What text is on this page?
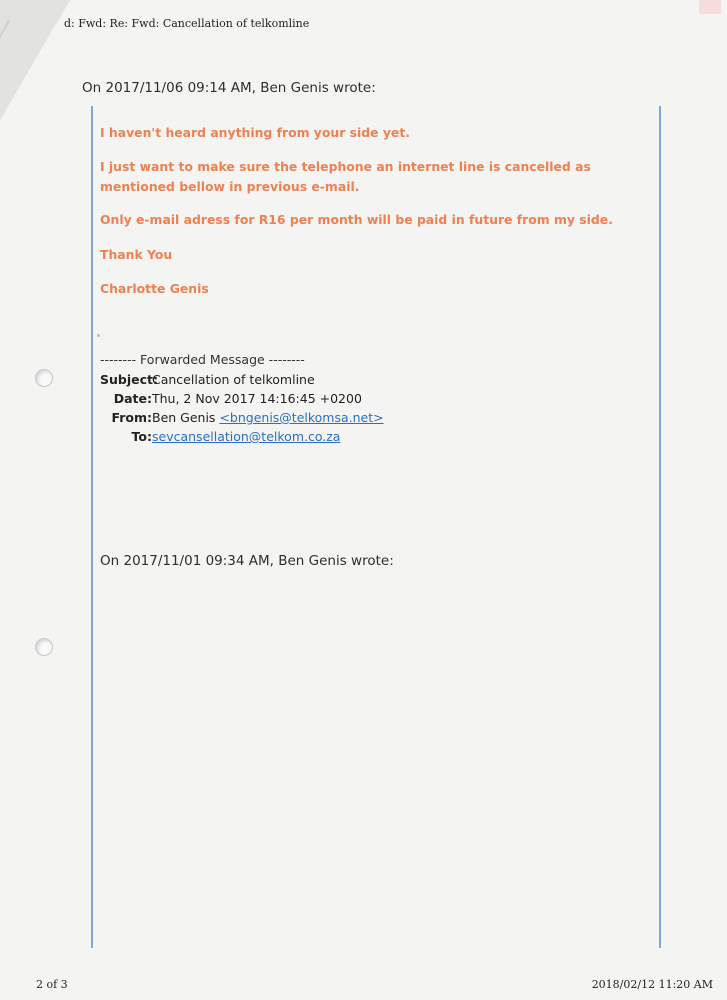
d: Fwd: Re: Fwd: Cancellation of telkomline
On 2017/11/06 09:14 AM, Ben Genis wrote:
I haven't heard anything from your side yet.
I just want to make sure the telephone an internet line is cancelled as mentioned bellow in previous e-mail.
Only e-mail adress for R16 per month will be paid in future from my side.
Thank You
Charlotte Genis
-------- Forwarded Message --------
Subject:Cancellation of telkomline
Date:Thu, 2 Nov 2017 14:16:45 +0200
From:Ben Genis <bngenis@telkomsa.net>
To:sevcansellation@telkom.co.za
On 2017/11/01 09:34 AM, Ben Genis wrote:
2 of 3	2018/02/12 11:20 AM
